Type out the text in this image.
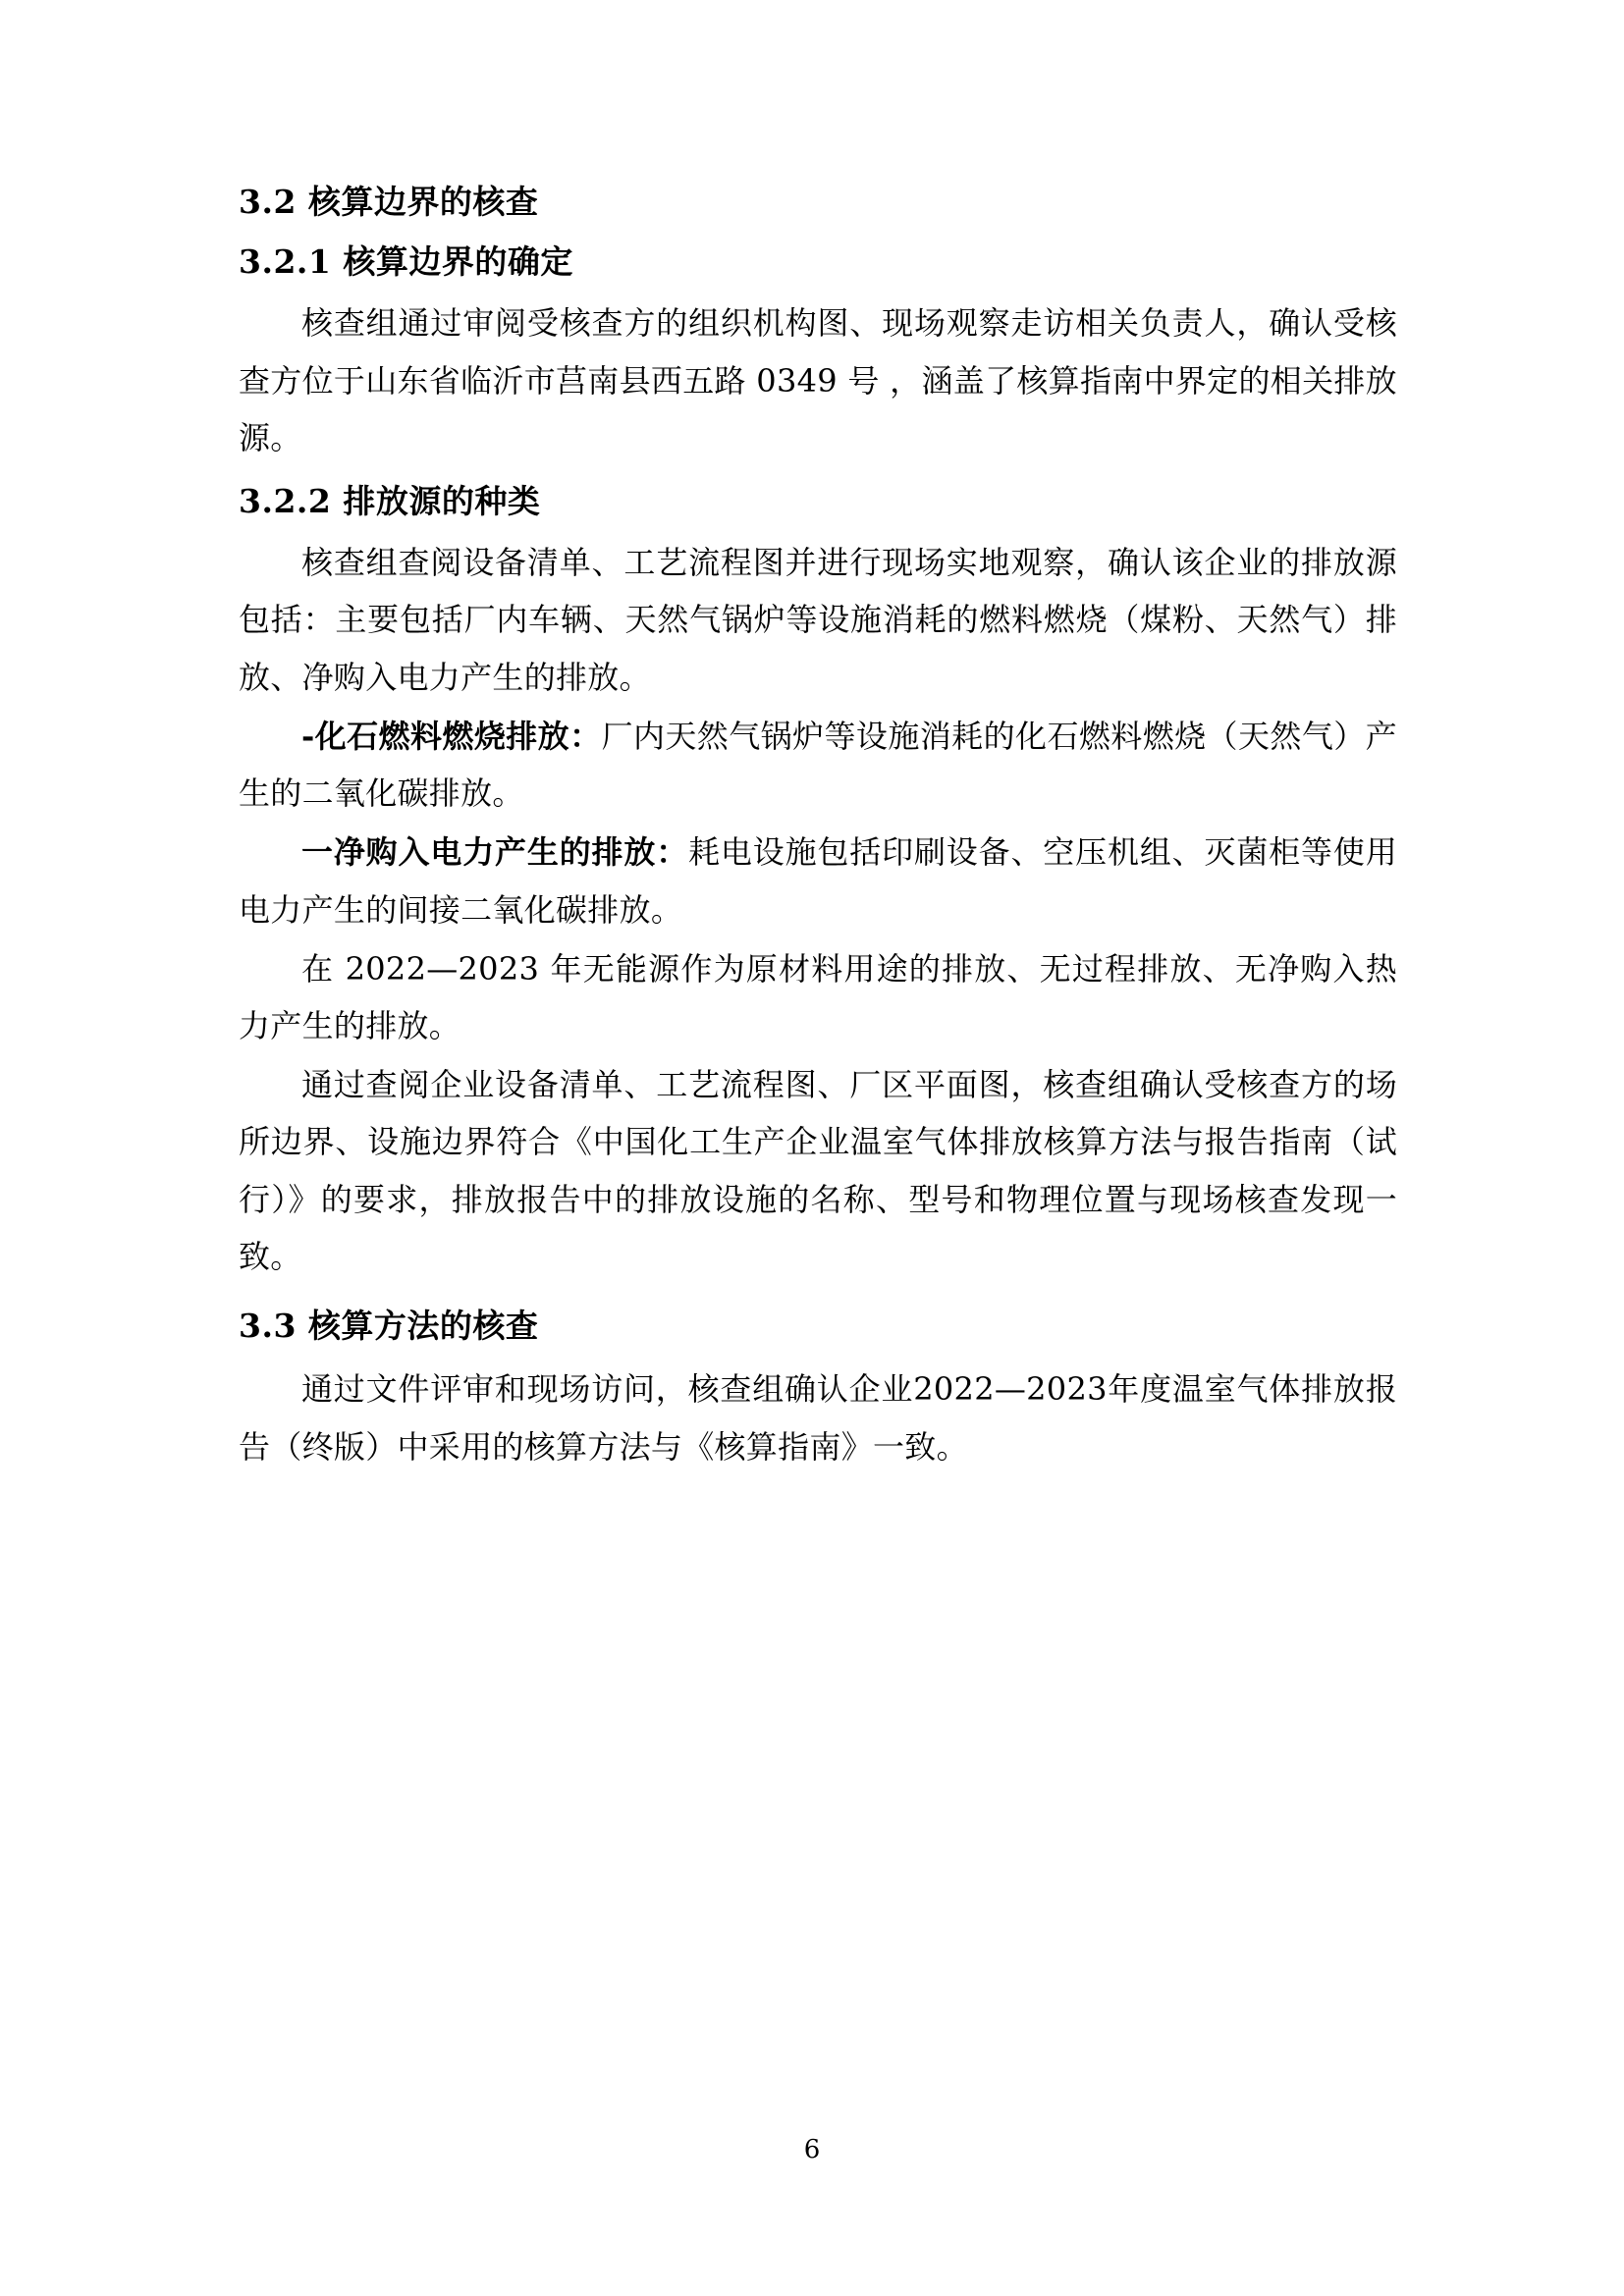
3.2 核算边界的核查
3.2.1 核算边界的确定

核查组通过审阅受核查方的组织机构图、现场观察走访相关负责人，确认受核查方位于山东省临沂市莒南县西五路 0349 号 ，涵盖了核算指南中界定的相关排放源。

3.2.2 排放源的种类

核查组查阅设备清单、工艺流程图并进行现场实地观察，确认该企业的排放源包括：主要包括厂内车辆、天然气锅炉等设施消耗的燃料燃烧（煤粉、天然气）排放、净购入电力产生的排放。

-化石燃料燃烧排放：厂内天然气锅炉等设施消耗的化石燃料燃烧（天然气）产生的二氧化碳排放。

一净购入电力产生的排放：耗电设施包括印刷设备、空压机组、灭菌柜等使用电力产生的间接二氧化碳排放。

在 2022—2023 年无能源作为原材料用途的排放、无过程排放、无净购入热力产生的排放。

通过查阅企业设备清单、工艺流程图、厂区平面图，核查组确认受核查方的场所边界、设施边界符合《中国化工生产企业温室气体排放核算方法与报告指南（试行）》的要求，排放报告中的排放设施的名称、型号和物理位置与现场核查发现一致。

3.3 核算方法的核查

通过文件评审和现场访问，核查组确认企业2022—2023年度温室气体排放报告（终版）中采用的核算方法与《核算指南》一致。

6
